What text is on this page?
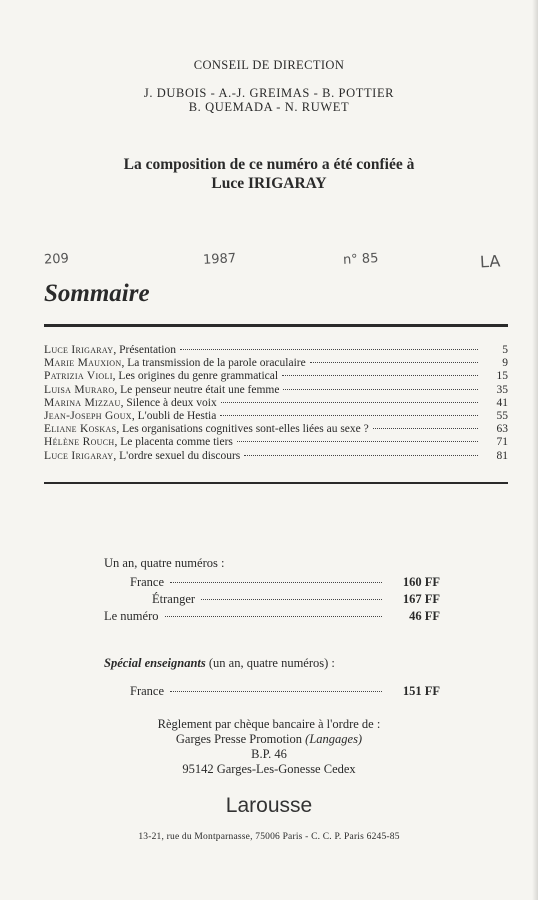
CONSEIL DE DIRECTION
J. DUBOIS - A.-J. GREIMAS - B. POTTIER
B. QUEMADA - N. RUWET
La composition de ce numéro a été confiée à
Luce IRIGARAY
209	1987	n° 85	LA
Sommaire
Luce Irigaray, Présentation	5
Marie Mauxion, La transmission de la parole oraculaire	9
Patrizia Violi, Les origines du genre grammatical	15
Luisa Muraro, Le penseur neutre était une femme	35
Marina Mizzau, Silence à deux voix	41
Jean-Joseph Goux, L'oubli de Hestia	55
Eliane Koskas, Les organisations cognitives sont-elles liées au sexe ?	63
Hélène Rouch, Le placenta comme tiers	71
Luce Irigaray, L'ordre sexuel du discours	81
Un an, quatre numéros :
France	160 FF
Étranger	167 FF
Le numéro	46 FF
Spécial enseignants (un an, quatre numéros) :
France	151 FF
Règlement par chèque bancaire à l'ordre de :
Garges Presse Promotion (Langages)
B.P. 46
95142 Garges-Les-Gonesse Cedex
Larousse
13-21, rue du Montparnasse, 75006 Paris - C. C. P. Paris 6245-85
